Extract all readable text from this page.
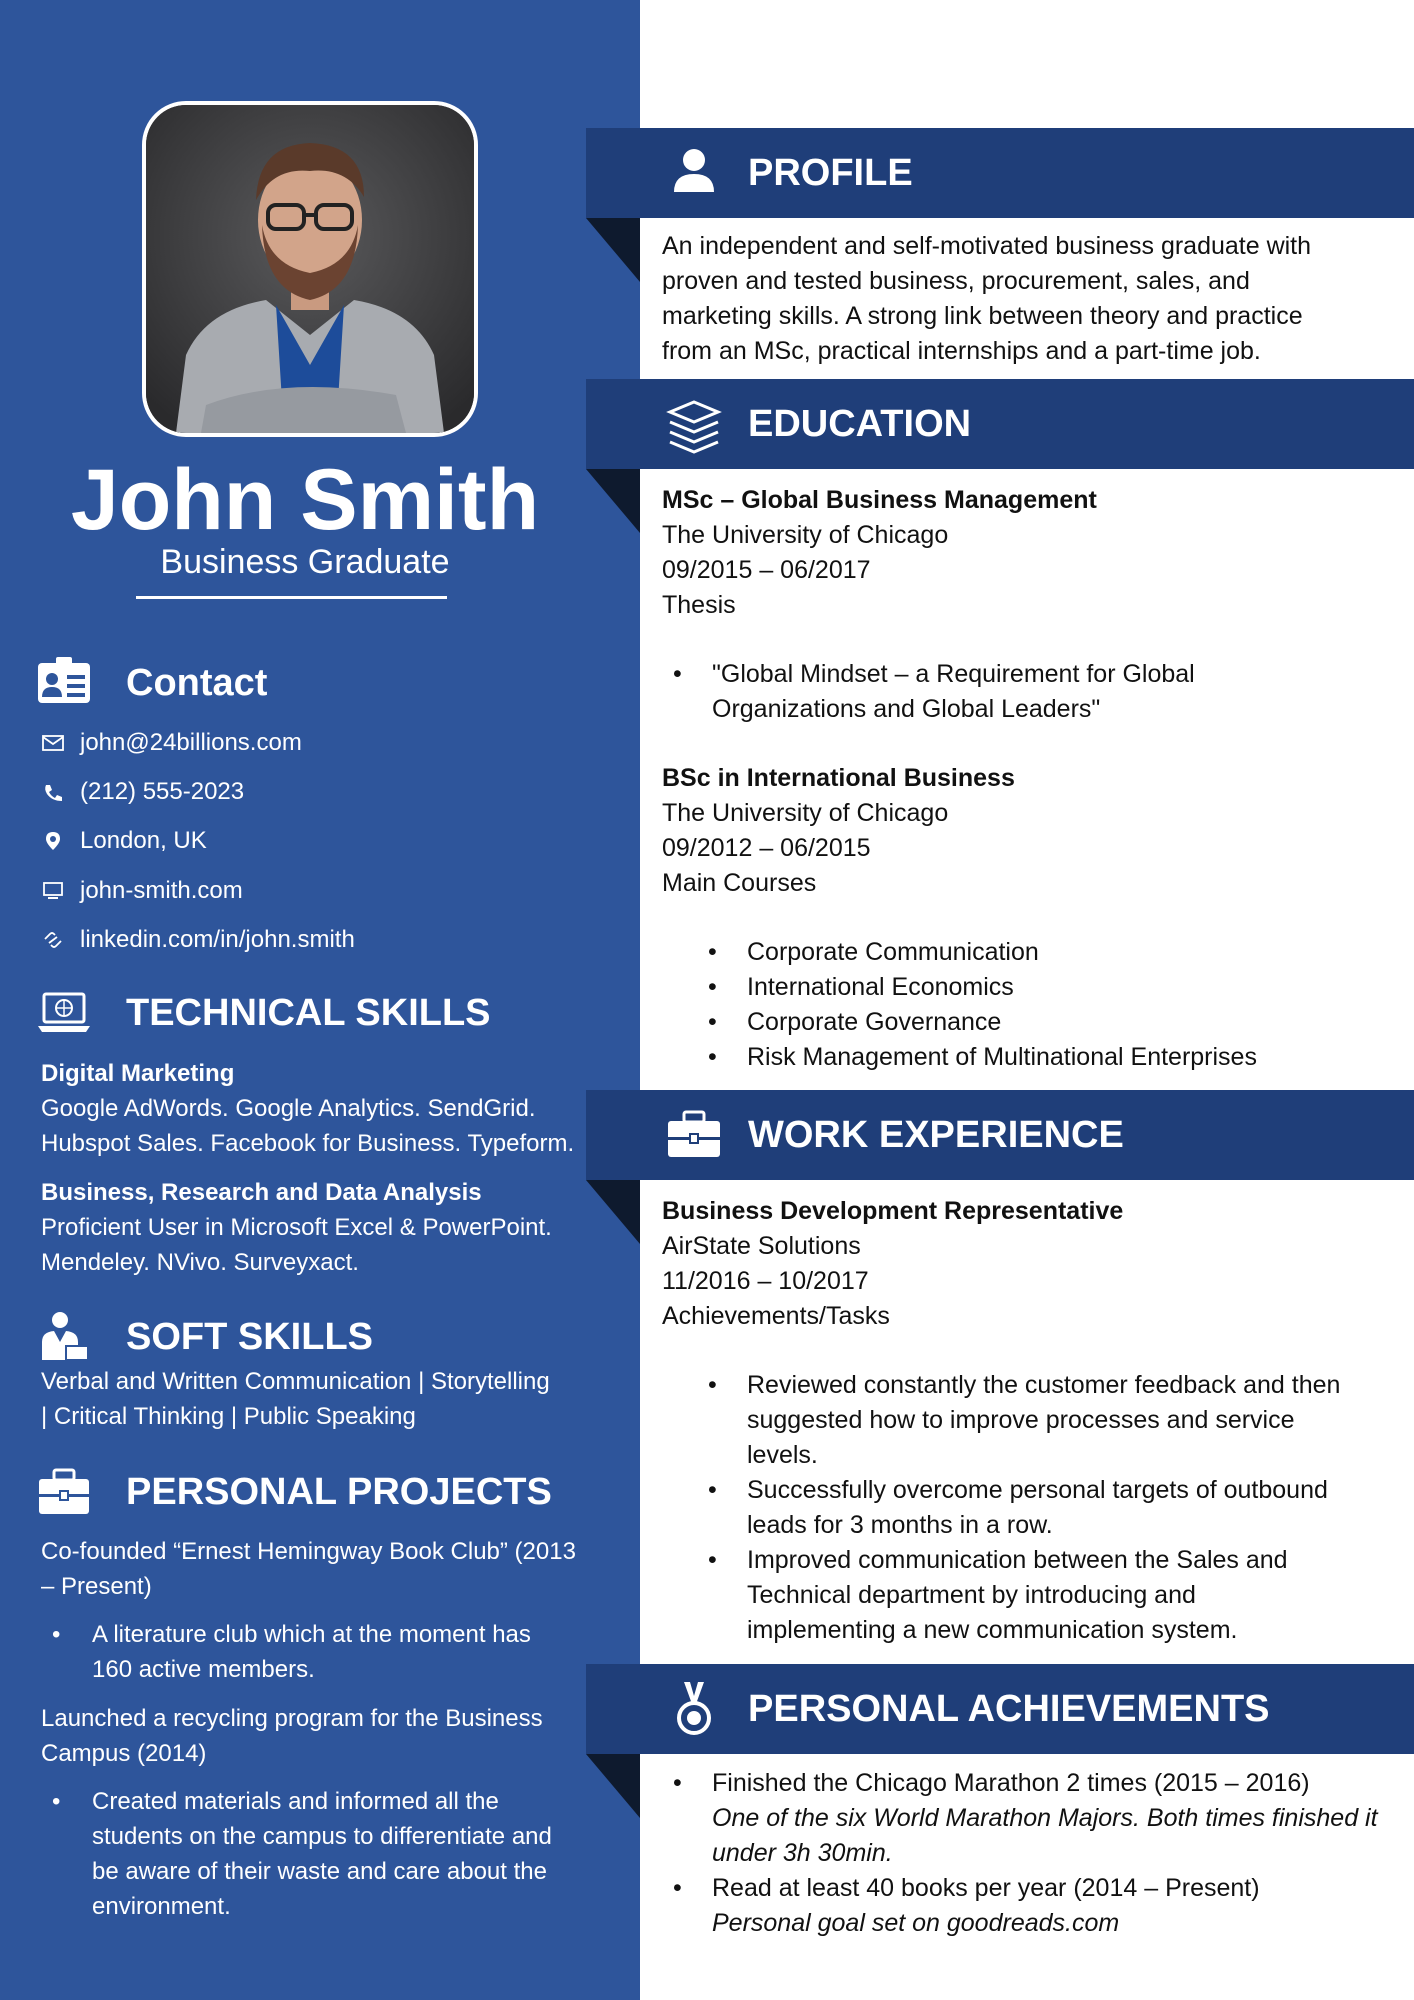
John Smith
Business Graduate
Contact
john@24billions.com
(212) 555-2023
London, UK
john-smith.com
linkedin.com/in/john.smith
TECHNICAL SKILLS
Digital Marketing
Google AdWords. Google Analytics. SendGrid.
Hubspot Sales. Facebook for Business. Typeform.
Business, Research and Data Analysis
Proficient User in Microsoft Excel & PowerPoint.
Mendeley. NVivo. Surveyxact.
SOFT SKILLS
Verbal and Written Communication | Storytelling
| Critical Thinking | Public Speaking
PERSONAL PROJECTS
Co-founded “Ernest Hemingway Book Club” (2013
– Present)
• A literature club which at the moment has
160 active members.
Launched a recycling program for the Business
Campus (2014)
• Created materials and informed all the
students on the campus to differentiate and
be aware of their waste and care about the
environment.
PROFILE
An independent and self-motivated business graduate with
proven and tested business, procurement, sales, and
marketing skills. A strong link between theory and practice
from an MSc, practical internships and a part-time job.
EDUCATION
MSc – Global Business Management
The University of Chicago
09/2015 – 06/2017
Thesis
• "Global Mindset – a Requirement for Global
Organizations and Global Leaders"
BSc in International Business
The University of Chicago
09/2012 – 06/2015
Main Courses
• Corporate Communication
• International Economics
• Corporate Governance
• Risk Management of Multinational Enterprises
WORK EXPERIENCE
Business Development Representative
AirState Solutions
11/2016 – 10/2017
Achievements/Tasks
• Reviewed constantly the customer feedback and then
suggested how to improve processes and service
levels.
• Successfully overcome personal targets of outbound
leads for 3 months in a row.
• Improved communication between the Sales and
Technical department by introducing and
implementing a new communication system.
PERSONAL ACHIEVEMENTS
• Finished the Chicago Marathon 2 times (2015 – 2016)
One of the six World Marathon Majors. Both times finished it
under 3h 30min.
• Read at least 40 books per year (2014 – Present)
Personal goal set on goodreads.com
